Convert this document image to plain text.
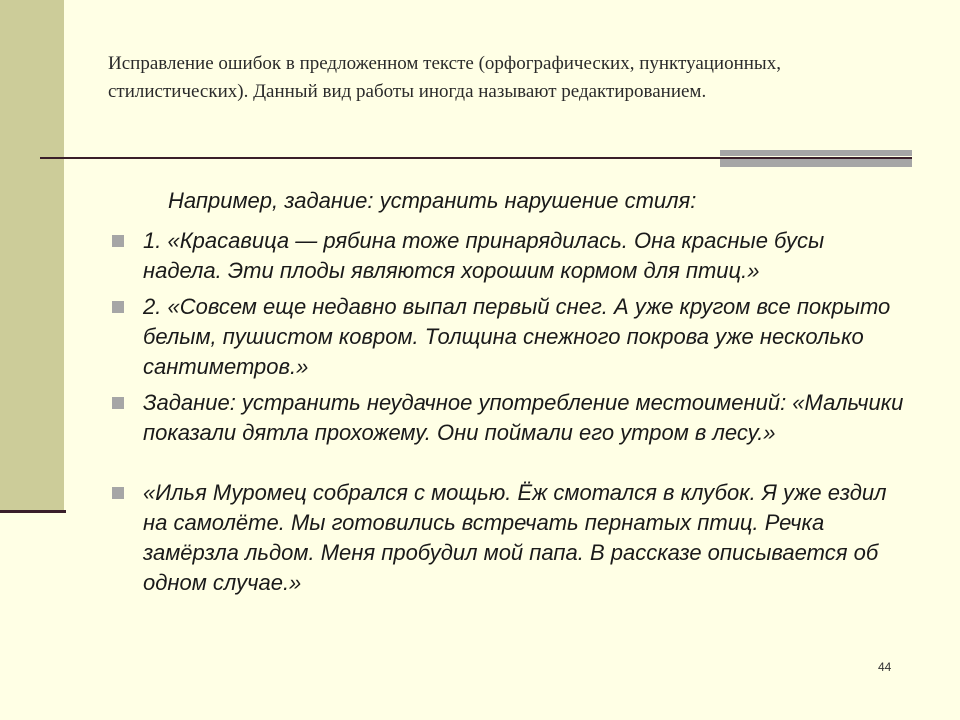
Исправление ошибок в предложенном тексте (орфографических, пунктуационных, стилистических). Данный вид работы иногда называют редактированием.

Например, задание: устранить нарушение стиля:

1. «Красавица — рябина тоже принарядилась. Она красные бусы надела. Эти плоды являются хорошим кормом для птиц.»
2. «Совсем еще недавно выпал первый снег. А уже кругом все покрыто белым, пушистом ковром. Толщина снежного покрова уже несколько сантиметров.»
Задание: устранить неудачное употребление местоимений: «Мальчики показали дятла прохожему. Они поймали его утром в лесу.»
«Илья Муромец собрался с мощью. Ёж смотался в клубок. Я уже ездил на самолёте. Мы готовились встречать пернатых птиц. Речка замёрзла льдом. Меня пробудил мой папа. В рассказе описывается об одном случае.»
44
